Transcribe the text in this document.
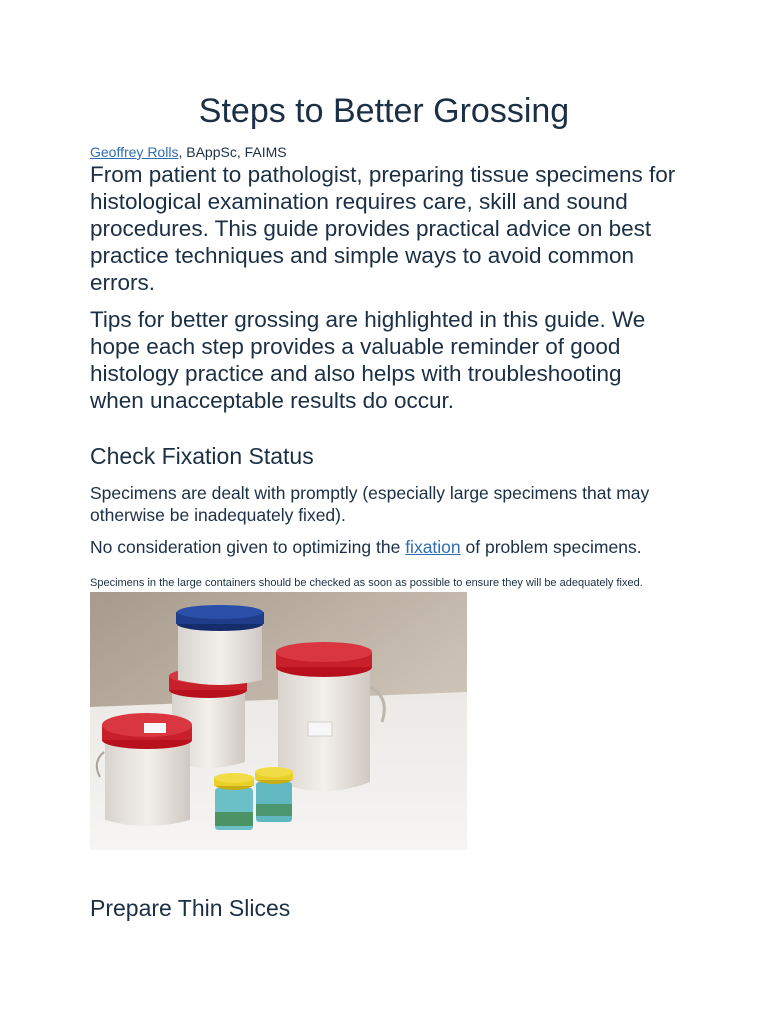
Steps to Better Grossing

Geoffrey Rolls, BAppSc, FAIMS

From patient to pathologist, preparing tissue specimens for histological examination requires care, skill and sound procedures. This guide provides practical advice on best practice techniques and simple ways to avoid common errors.

Tips for better grossing are highlighted in this guide. We hope each step provides a valuable reminder of good histology practice and also helps with troubleshooting when unacceptable results do occur.

Check Fixation Status

Specimens are dealt with promptly (especially large specimens that may otherwise be inadequately fixed).

No consideration given to optimizing the fixation of problem specimens.

Specimens in the large containers should be checked as soon as possible to ensure they will be adequately fixed.

Prepare Thin Slices
